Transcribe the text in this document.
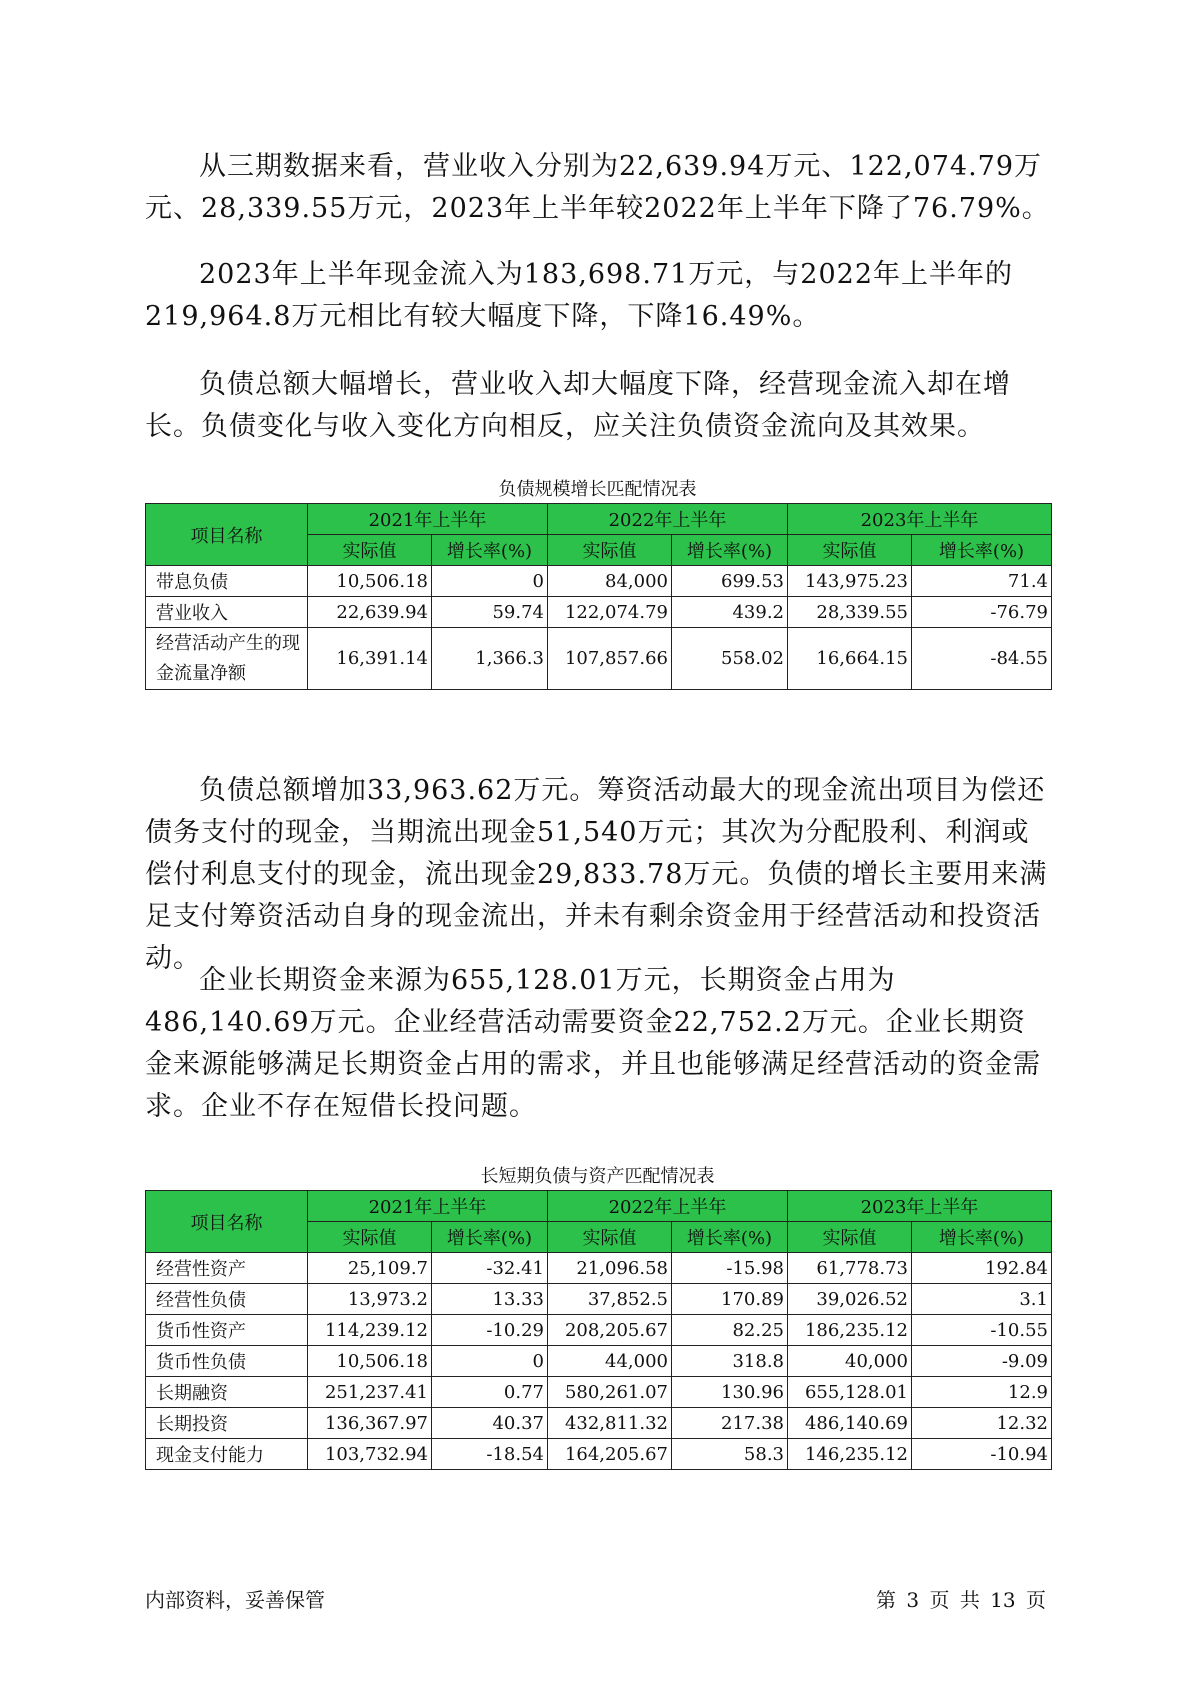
从三期数据来看，营业收入分别为22,639.94万元、122,074.79万元、28,339.55万元，2023年上半年较2022年上半年下降了76.79%。

2023年上半年现金流入为183,698.71万元，与2022年上半年的219,964.8万元相比有较大幅度下降，下降16.49%。

负债总额大幅增长，营业收入却大幅度下降，经营现金流入却在增长。负债变化与收入变化方向相反，应关注负债资金流向及其效果。

负债规模增长匹配情况表

项目名称	2021年上半年		2022年上半年		2023年上半年	
	实际值	增长率(%)	实际值	增长率(%)	实际值	增长率(%)
带息负债	10,506.18	0	84,000	699.53	143,975.23	71.4
营业收入	22,639.94	59.74	122,074.79	439.2	28,339.55	-76.79
经营活动产生的现金流量净额	16,391.14	1,366.3	107,857.66	558.02	16,664.15	-84.55

负债总额增加33,963.62万元。筹资活动最大的现金流出项目为偿还债务支付的现金，当期流出现金51,540万元；其次为分配股利、利润或偿付利息支付的现金，流出现金29,833.78万元。负债的增长主要用来满足支付筹资活动自身的现金流出，并未有剩余资金用于经营活动和投资活动。

企业长期资金来源为655,128.01万元，长期资金占用为486,140.69万元。企业经营活动需要资金22,752.2万元。企业长期资金来源能够满足长期资金占用的需求，并且也能够满足经营活动的资金需求。企业不存在短借长投问题。

长短期负债与资产匹配情况表

项目名称	2021年上半年		2022年上半年		2023年上半年	
	实际值	增长率(%)	实际值	增长率(%)	实际值	增长率(%)
经营性资产	25,109.7	-32.41	21,096.58	-15.98	61,778.73	192.84
经营性负债	13,973.2	13.33	37,852.5	170.89	39,026.52	3.1
货币性资产	114,239.12	-10.29	208,205.67	82.25	186,235.12	-10.55
货币性负债	10,506.18	0	44,000	318.8	40,000	-9.09
长期融资	251,237.41	0.77	580,261.07	130.96	655,128.01	12.9
长期投资	136,367.97	40.37	432,811.32	217.38	486,140.69	12.32
现金支付能力	103,732.94	-18.54	164,205.67	58.3	146,235.12	-10.94
内部资料，妥善保管	第 3 页 共 13 页
